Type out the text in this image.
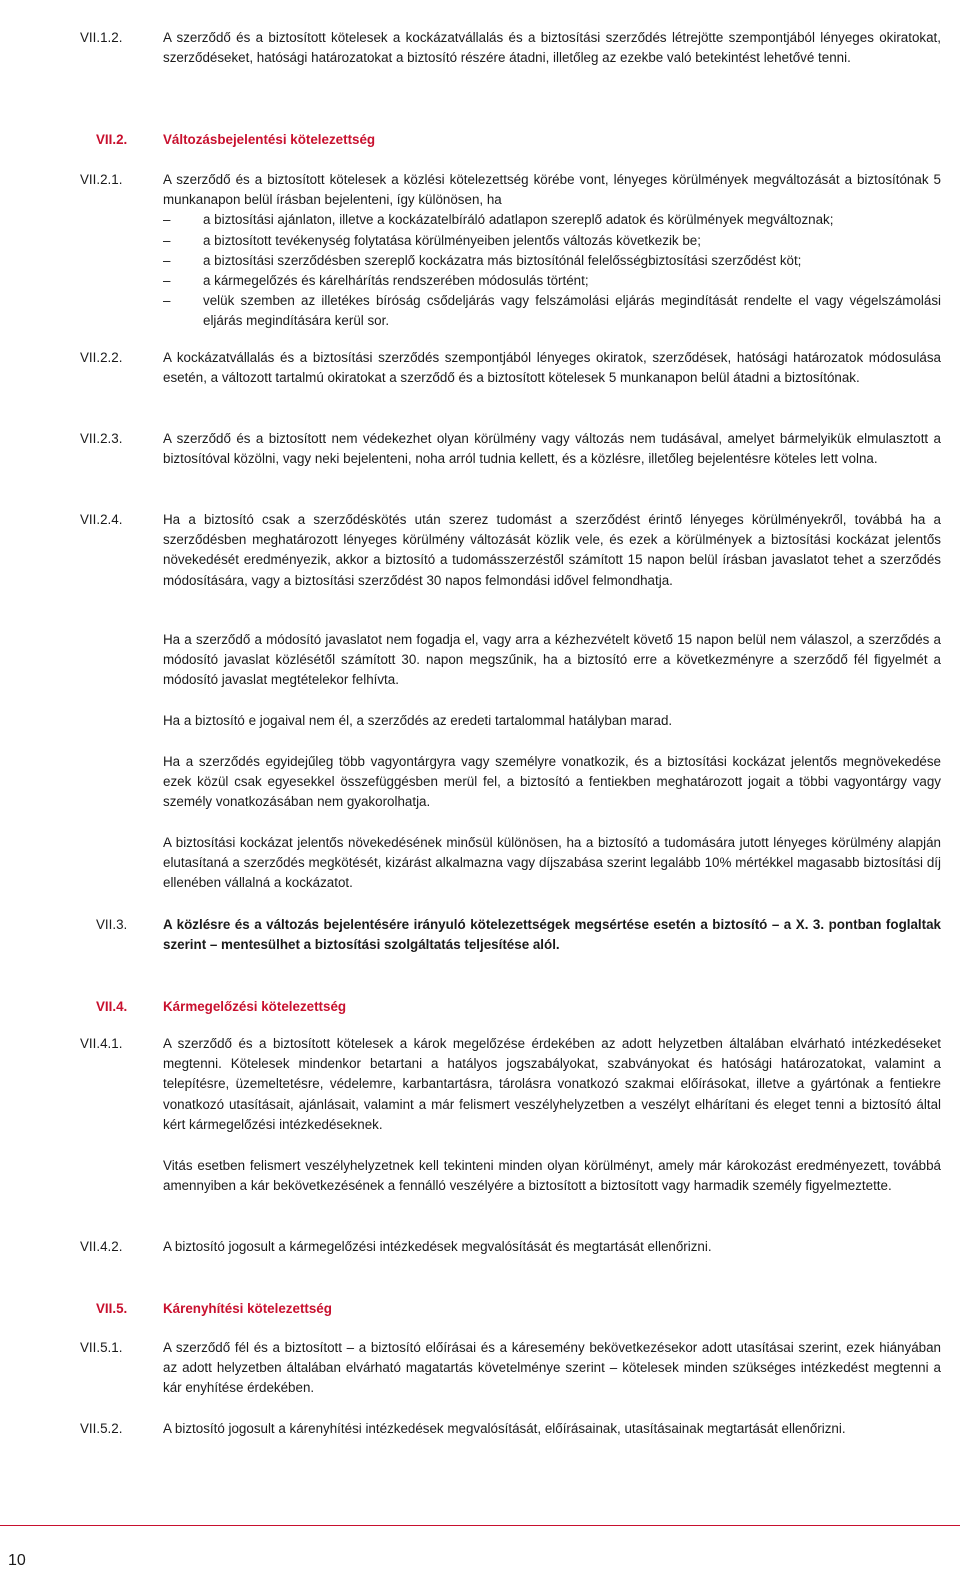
VII.1.2.	A szerződő és a biztosított kötelesek a kockázatvállalás és a biztosítási szerződés létrejötte szempontjából lényeges okiratokat, szerződéseket, hatósági határozatokat a biztosító részére átadni, illetőleg az ezekbe való betekintést lehetővé tenni.
VII.2.	Változásbejelentési kötelezettség
VII.2.1.	A szerződő és a biztosított kötelesek a közlési kötelezettség körébe vont, lényeges körülmények megváltozását a biztosítónak 5 munkanapon belül írásban bejelenteni, így különösen, ha
– a biztosítási ajánlaton, illetve a kockázatelbíráló adatlapon szereplő adatok és körülmények megváltoznak;
– a biztosított tevékenység folytatása körülményeiben jelentős változás következik be;
– a biztosítási szerződésben szereplő kockázatra más biztosítónál felelősségbiztosítási szerződést köt;
– a kármegelőzés és kárelhárítás rendszerében módosulás történt;
– velük szemben az illetékes bíróság csődeljárás vagy felszámolási eljárás megindítását rendelte el vagy végelszámolási eljárás megindítására kerül sor.
VII.2.2.	A kockázatvállalás és a biztosítási szerződés szempontjából lényeges okiratok, szerződések, hatósági határozatok módosulása esetén, a változott tartalmú okiratokat a szerződő és a biztosított kötelesek 5 munkanapon belül átadni a biztosítónak.
VII.2.3.	A szerződő és a biztosított nem védekezhet olyan körülmény vagy változás nem tudásával, amelyet bármelyikük elmulasztott a biztosítóval közölni, vagy neki bejelenteni, noha arról tudnia kellett, és a közlésre, illetőleg bejelentésre köteles lett volna.
VII.2.4.	Ha a biztosító csak a szerződéskötés után szerez tudomást a szerződést érintő lényeges körülményekről, továbbá ha a szerződésben meghatározott lényeges körülmény változását közlik vele, és ezek a körülmények a biztosítási kockázat jelentős növekedését eredményezik, akkor a biztosító a tudomásszerzéstől számított 15 napon belül írásban javaslatot tehet a szerződés módosítására, vagy a biztosítási szerződést 30 napos felmondási idővel felmondhatja.
Ha a szerződő a módosító javaslatot nem fogadja el, vagy arra a kézhezvételt követő 15 napon belül nem válaszol, a szerződés a módosító javaslat közlésétől számított 30. napon megszűnik, ha a biztosító erre a következményre a szerződő fél figyelmét a módosító javaslat megtételekor felhívta.
Ha a biztosító e jogaival nem él, a szerződés az eredeti tartalommal hatályban marad.
Ha a szerződés egyidejűleg több vagyontárgyra vagy személyre vonatkozik, és a biztosítási kockázat jelentős megnövekedése ezek közül csak egyesekkel összefüggésben merül fel, a biztosító a fentiekben meghatározott jogait a többi vagyontárgy vagy személy vonatkozásában nem gyakorolhatja.
A biztosítási kockázat jelentős növekedésének minősül különösen, ha a biztosító a tudomására jutott lényeges körülmény alapján elutasítaná a szerződés megkötését, kizárást alkalmazna vagy díjszabása szerint legalább 10% mértékkel magasabb biztosítási díj ellenében vállalná a kockázatot.
VII.3.	A közlésre és a változás bejelentésére irányuló kötelezettségek megsértése esetén a biztosító – a X. 3. pontban foglaltak szerint – mentesülhet a biztosítási szolgáltatás teljesítése alól.
VII.4.	Kármegelőzési kötelezettség
VII.4.1.	A szerződő és a biztosított kötelesek a károk megelőzése érdekében az adott helyzetben általában elvárható intézkedéseket megtenni. Kötelesek mindenkor betartani a hatályos jogszabályokat, szabványokat és hatósági határozatokat, valamint a telepítésre, üzemeltetésre, védelemre, karbantartásra, tárolásra vonatkozó szakmai előírásokat, illetve a gyártónak a fentiekre vonatkozó utasításait, ajánlásait, valamint a már felismert veszélyhelyzetben a veszélyt elhárítani és eleget tenni a biztosító által kért kármegelőzési intézkedéseknek.
Vitás esetben felismert veszélyhelyzetnek kell tekinteni minden olyan körülményt, amely már károkozást eredményezett, továbbá amennyiben a kár bekövetkezésének a fennálló veszélyére a biztosított a biztosított vagy harmadik személy figyelmeztette.
VII.4.2.	A biztosító jogosult a kármegelőzési intézkedések megvalósítását és megtartását ellenőrizni.
VII.5.	Kárenyhítési kötelezettség
VII.5.1.	A szerződő fél és a biztosított – a biztosító előírásai és a káresemény bekövetkezésekor adott utasításai szerint, ezek hiányában az adott helyzetben általában elvárható magatartás követelménye szerint – kötelesek minden szükséges intézkedést megtenni a kár enyhítése érdekében.
VII.5.2.	A biztosító jogosult a kárenyhítési intézkedések megvalósítását, előírásainak, utasításainak megtartását ellenőrizni.
10
